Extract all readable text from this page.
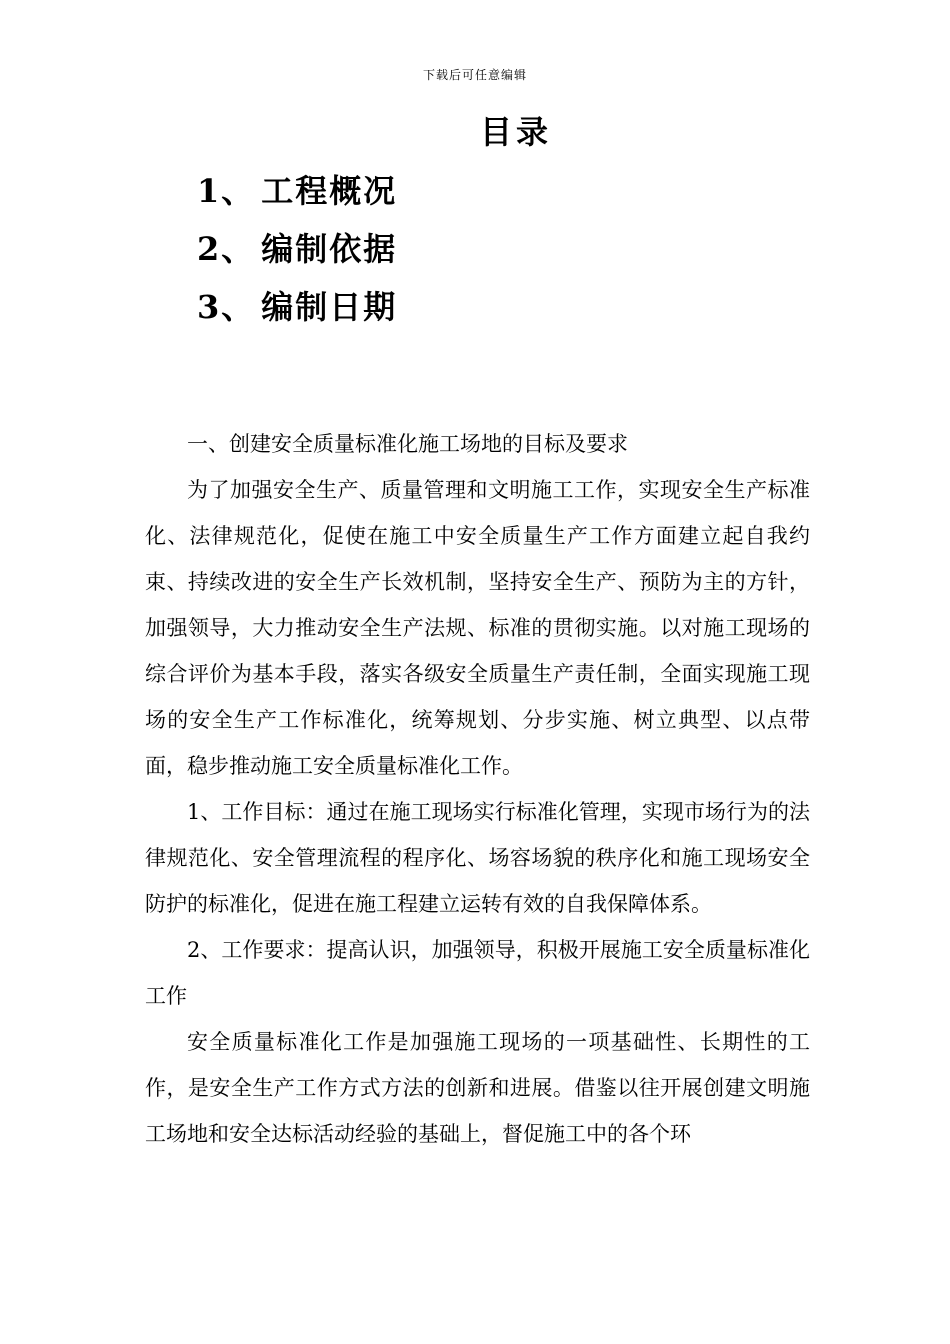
下载后可任意编辑
目录
1、 工程概况
2、 编制依据
3、 编制日期

一、创建安全质量标准化施工场地的目标及要求

为了加强安全生产、质量管理和文明施工工作，实现安全生产标准化、法律规范化，促使在施工中安全质量生产工作方面建立起自我约束、持续改进的安全生产长效机制，坚持安全生产、预防为主的方针，加强领导，大力推动安全生产法规、标准的贯彻实施。以对施工现场的综合评价为基本手段，落实各级安全质量生产责任制，全面实现施工现场的安全生产工作标准化，统筹规划、分步实施、树立典型、以点带面，稳步推动施工安全质量标准化工作。

1、工作目标：通过在施工现场实行标准化管理，实现市场行为的法律规范化、安全管理流程的程序化、场容场貌的秩序化和施工现场安全防护的标准化，促进在施工程建立运转有效的自我保障体系。

2、工作要求：提高认识，加强领导，积极开展施工安全质量标准化工作

安全质量标准化工作是加强施工现场的一项基础性、长期性的工作，是安全生产工作方式方法的创新和进展。借鉴以往开展创建文明施工场地和安全达标活动经验的基础上，督促施工中的各个环
